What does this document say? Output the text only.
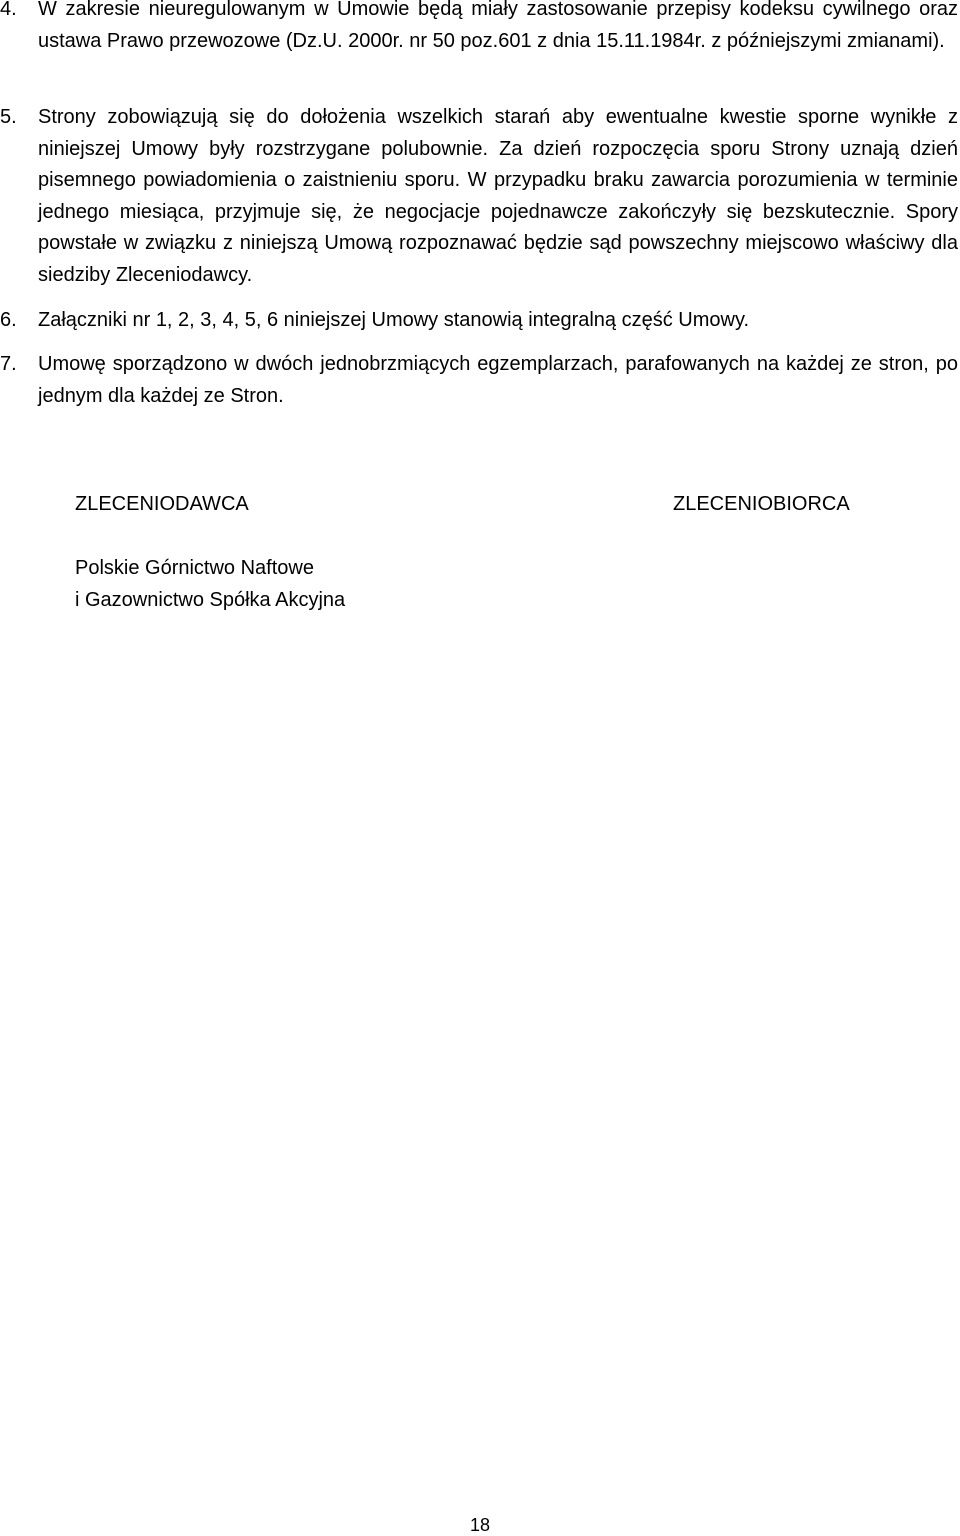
4.	W zakresie nieuregulowanym w Umowie będą miały zastosowanie przepisy kodeksu cywilnego oraz ustawa Prawo przewozowe (Dz.U. 2000r. nr 50 poz.601 z dnia 15.11.1984r. z późniejszymi zmianami).
5.	Strony zobowiązują się do dołożenia wszelkich starań aby ewentualne kwestie sporne wynikłe z niniejszej Umowy były rozstrzygane polubownie. Za dzień rozpoczęcia sporu Strony uznają dzień pisemnego powiadomienia o zaistnieniu sporu. W przypadku braku zawarcia porozumienia w terminie jednego miesiąca, przyjmuje się, że negocjacje pojednawcze zakończyły się bezskutecznie. Spory powstałe w związku z niniejszą Umową rozpoznawać będzie sąd powszechny miejscowo właściwy dla siedziby Zleceniodawcy.
6.	Załączniki nr 1, 2, 3, 4, 5, 6 niniejszej Umowy stanowią integralną część Umowy.
7.	Umowę sporządzono w dwóch jednobrzmiących egzemplarzach, parafowanych na każdej ze stron, po jednym dla każdej ze Stron.
ZLECENIODAWCA	ZLECENIOBIORCA
Polskie Górnictwo Naftowe
i Gazownictwo Spółka Akcyjna
18
